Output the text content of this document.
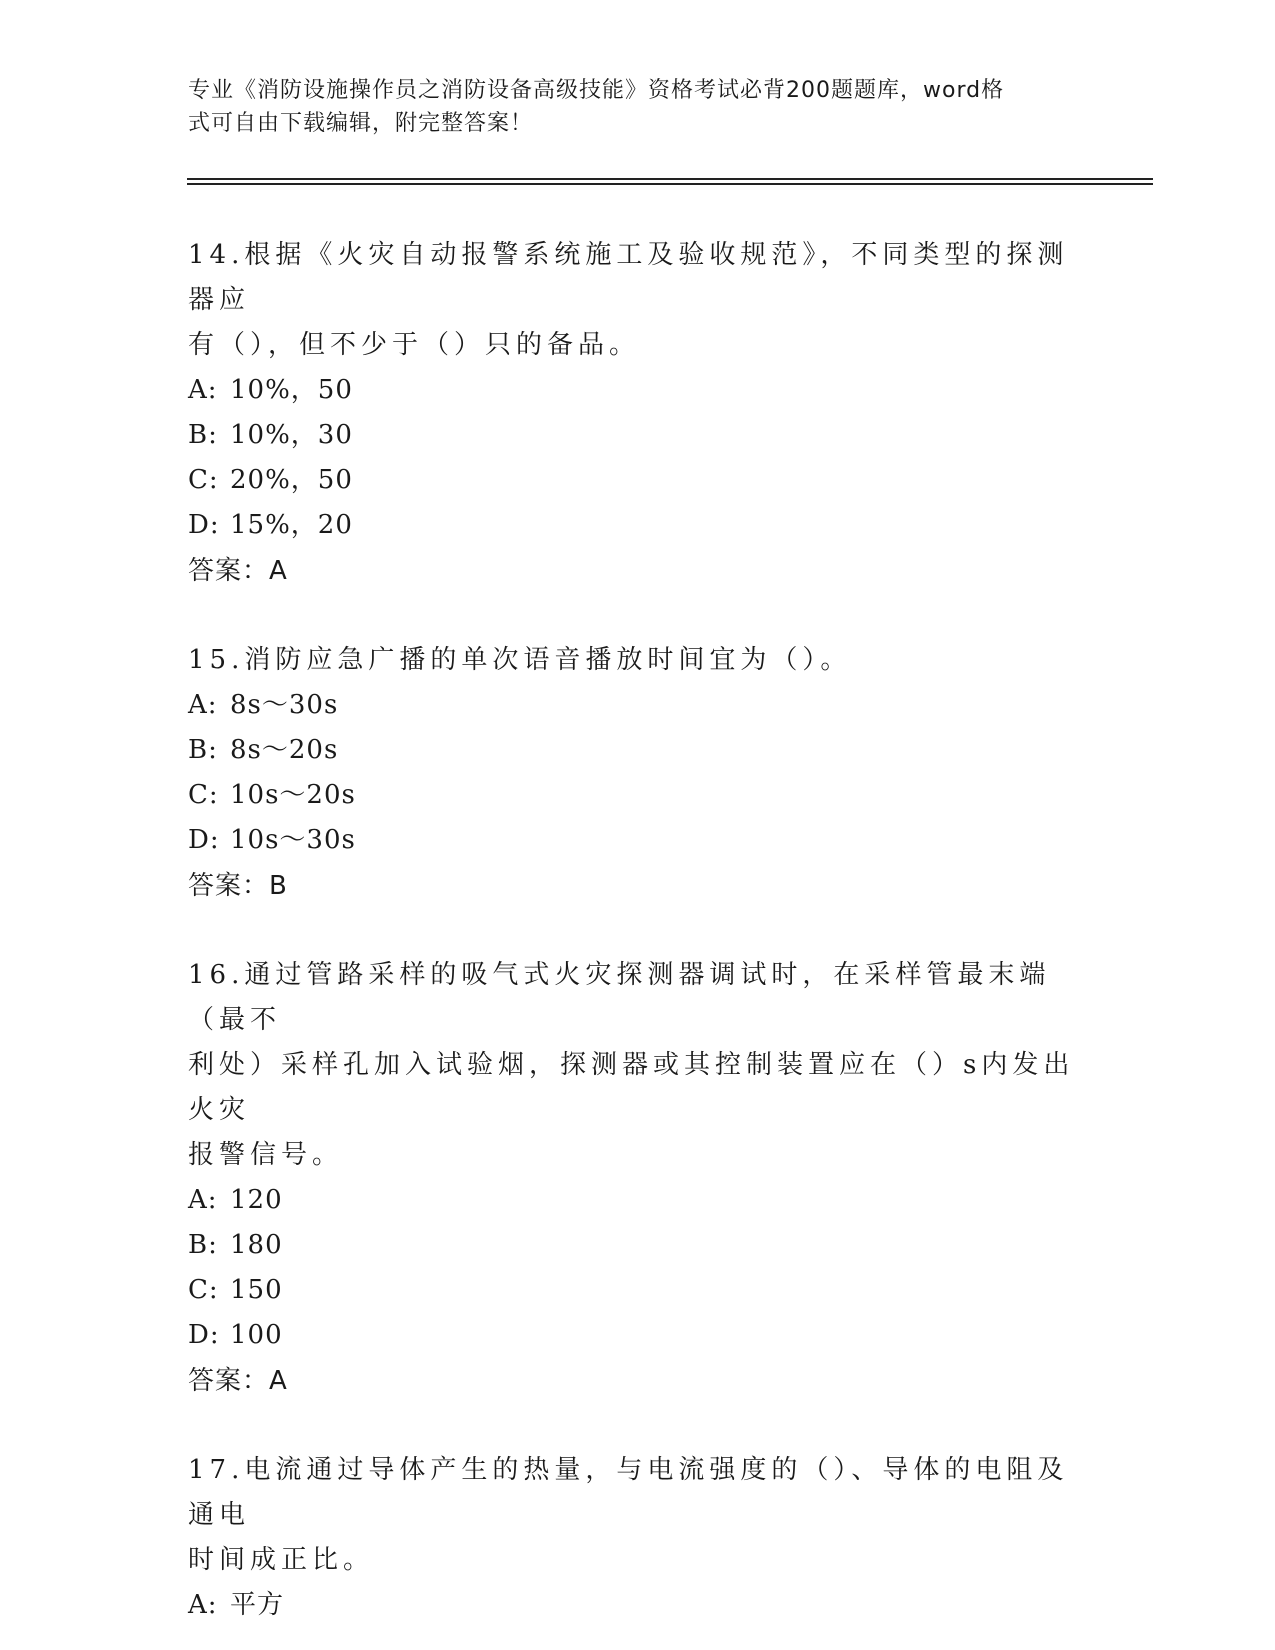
专业《消防设施操作员之消防设备高级技能》资格考试必背200题题库，word格
式可自由下载编辑，附完整答案！
14.根据《火灾自动报警系统施工及验收规范》，不同类型的探测器应
有（），但不少于（）只的备品。
A: 10%，50
B: 10%，30
C: 20%，50
D: 15%，20
答案：A
15.消防应急广播的单次语音播放时间宜为（）。
A: 8s～30s
B: 8s～20s
C: 10s～20s
D: 10s～30s
答案：B
16.通过管路采样的吸气式火灾探测器调试时，在采样管最末端（最不
利处）采样孔加入试验烟，探测器或其控制装置应在（）s内发出火灾
报警信号。
A: 120
B: 180
C: 150
D: 100
答案：A
17.电流通过导体产生的热量，与电流强度的（）、导体的电阻及通电
时间成正比。
A: 平方
